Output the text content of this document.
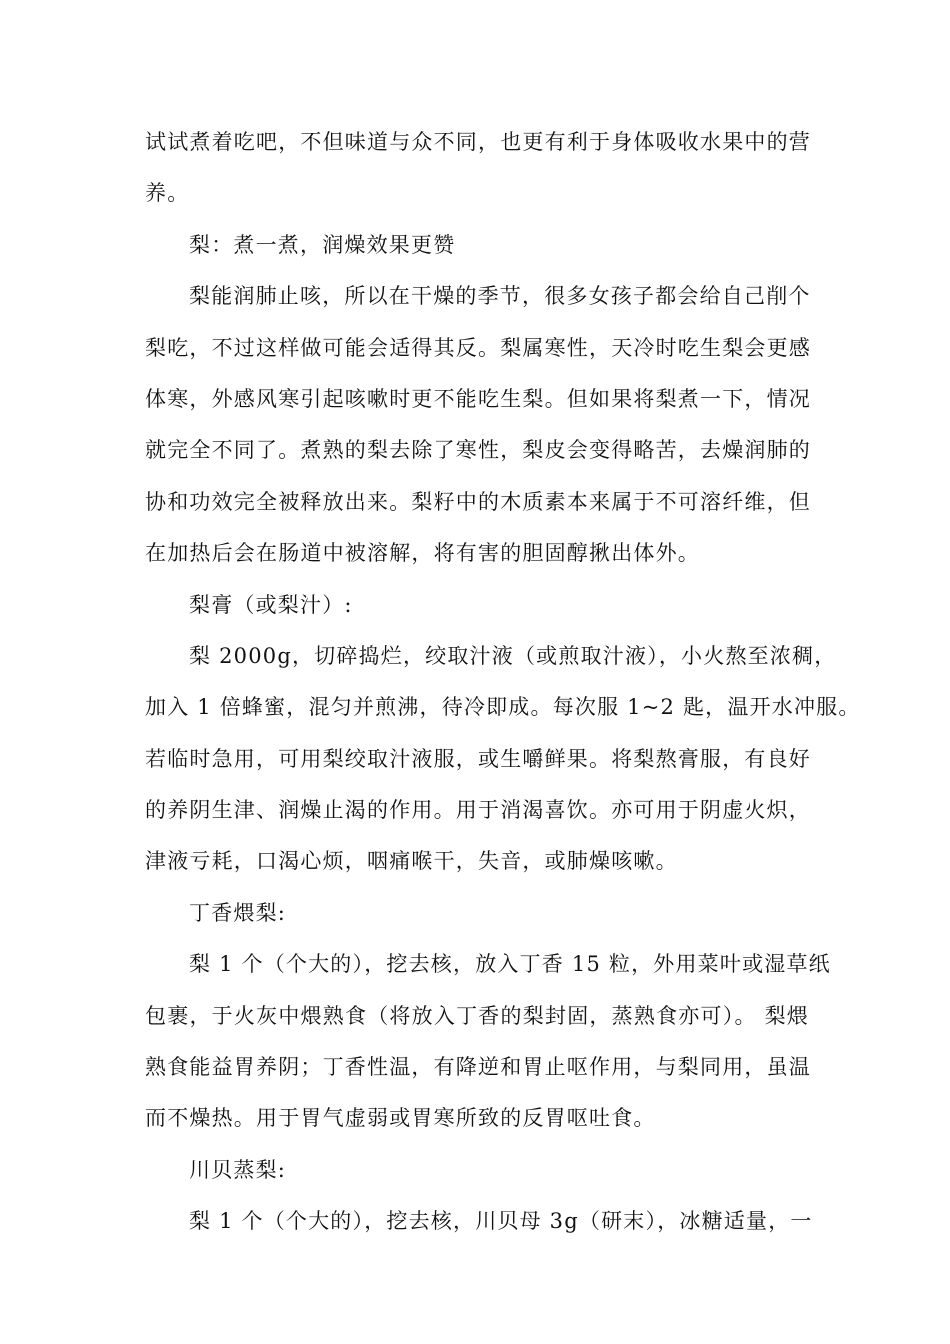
试试煮着吃吧，不但味道与众不同，也更有利于身体吸收水果中的营
养。
梨：煮一煮，润燥效果更赞
梨能润肺止咳，所以在干燥的季节，很多女孩子都会给自己削个
梨吃，不过这样做可能会适得其反。梨属寒性，天冷时吃生梨会更感
体寒，外感风寒引起咳嗽时更不能吃生梨。但如果将梨煮一下，情况
就完全不同了。煮熟的梨去除了寒性，梨皮会变得略苦，去燥润肺的
协和功效完全被释放出来。梨籽中的木质素本来属于不可溶纤维，但
在加热后会在肠道中被溶解，将有害的胆固醇揪出体外。
梨膏（或梨汁）:
梨 2000g，切碎捣烂，绞取汁液（或煎取汁液），小火熬至浓稠，
加入 1 倍蜂蜜，混匀并煎沸，待冷即成。每次服 1~2 匙，温开水冲服。
若临时急用，可用梨绞取汁液服，或生嚼鲜果。将梨熬膏服，有良好
的养阴生津、润燥止渴的作用。用于消渴喜饮。亦可用于阴虚火炽，
津液亏耗，口渴心烦，咽痛喉干，失音，或肺燥咳嗽。
丁香煨梨:
梨 1 个（个大的），挖去核，放入丁香 15 粒，外用菜叶或湿草纸
包裹，于火灰中煨熟食（将放入丁香的梨封固，蒸熟食亦可）。 梨煨
熟食能益胃养阴；丁香性温，有降逆和胃止呕作用，与梨同用，虽温
而不燥热。用于胃气虚弱或胃寒所致的反胃呕吐食。
川贝蒸梨:
梨 1 个（个大的），挖去核，川贝母 3g（研末），冰糖适量，一
